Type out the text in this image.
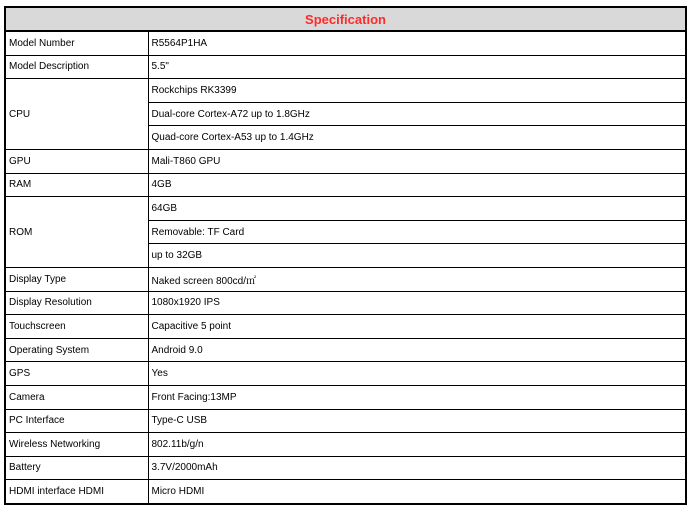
Specification	
Model Number	R5564P1HA
Model Description	5.5"
CPU	Rockchips RK3399
	Dual-core Cortex-A72 up to 1.8GHz
	Quad-core Cortex-A53 up to 1.4GHz
GPU	Mali-T860 GPU
RAM	4GB
ROM	64GB
	Removable: TF Card
	up to 32GB
Display Type	Naked screen 800cd/㎡
Display Resolution	1080x1920 IPS
Touchscreen	Capacitive 5 point
Operating System	Android 9.0
GPS	Yes
Camera	Front Facing:13MP
PC Interface	Type-C USB
Wireless Networking	802.11b/g/n
Battery	3.7V/2000mAh
HDMI interface HDMI	Micro HDMI
